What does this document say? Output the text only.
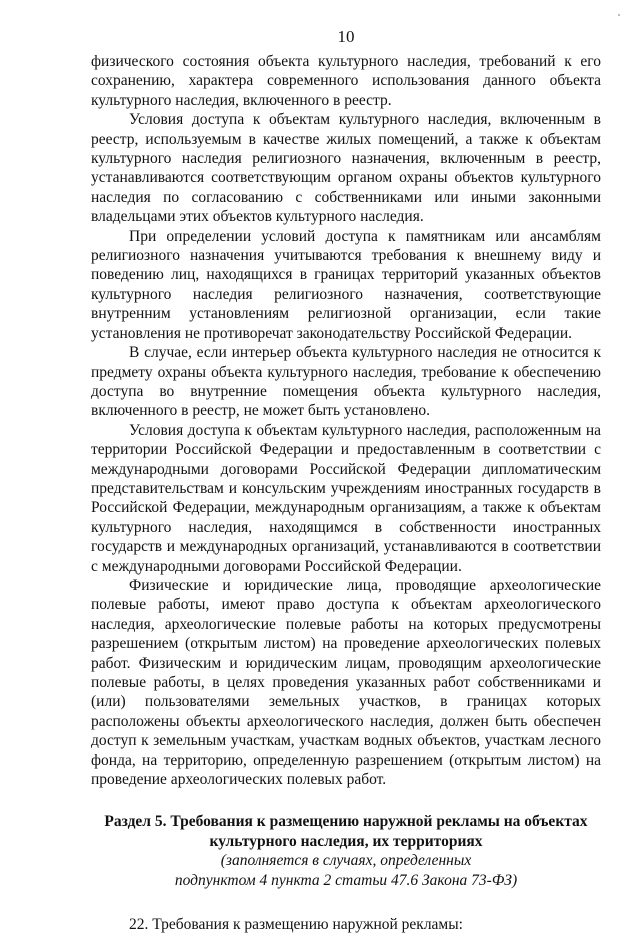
10

физического состояния объекта культурного наследия, требований к его сохранению, характера современного использования данного объекта культурного наследия, включенного в реестр.

Условия доступа к объектам культурного наследия, включенным в реестр, используемым в качестве жилых помещений, а также к объектам культурного наследия религиозного назначения, включенным в реестр, устанавливаются соответствующим органом охраны объектов культурного наследия по согласованию с собственниками или иными законными владельцами этих объектов культурного наследия.

При определении условий доступа к памятникам или ансамблям религиозного назначения учитываются требования к внешнему виду и поведению лиц, находящихся в границах территорий указанных объектов культурного наследия религиозного назначения, соответствующие внутренним установлениям религиозной организации, если такие установления не противоречат законодательству Российской Федерации.

В случае, если интерьер объекта культурного наследия не относится к предмету охраны объекта культурного наследия, требование к обеспечению доступа во внутренние помещения объекта культурного наследия, включенного в реестр, не может быть установлено.

Условия доступа к объектам культурного наследия, расположенным на территории Российской Федерации и предоставленным в соответствии с международными договорами Российской Федерации дипломатическим представительствам и консульским учреждениям иностранных государств в Российской Федерации, международным организациям, а также к объектам культурного наследия, находящимся в собственности иностранных государств и международных организаций, устанавливаются в соответствии с международными договорами Российской Федерации.

Физические и юридические лица, проводящие археологические полевые работы, имеют право доступа к объектам археологического наследия, археологические полевые работы на которых предусмотрены разрешением (открытым листом) на проведение археологических полевых работ. Физическим и юридическим лицам, проводящим археологические полевые работы, в целях проведения указанных работ собственниками и (или) пользователями земельных участков, в границах которых расположены объекты археологического наследия, должен быть обеспечен доступ к земельным участкам, участкам водных объектов, участкам лесного фонда, на территорию, определенную разрешением (открытым листом) на проведение археологических полевых работ.

Раздел 5. Требования к размещению наружной рекламы на объектах культурного наследия, их территориях
(заполняется в случаях, определенных
подпунктом 4 пункта 2 статьи 47.6 Закона 73-ФЗ)

22. Требования к размещению наружной рекламы:
